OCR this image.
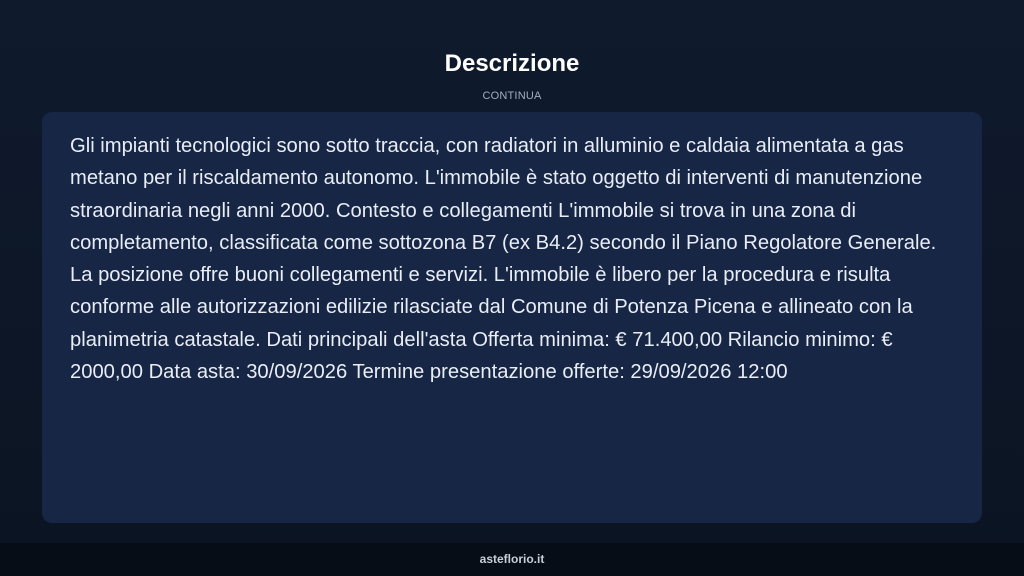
Descrizione
CONTINUA

Gli impianti tecnologici sono sotto traccia, con radiatori in alluminio e caldaia alimentata a gas metano per il riscaldamento autonomo. L'immobile è stato oggetto di interventi di manutenzione straordinaria negli anni 2000. Contesto e collegamenti L'immobile si trova in una zona di completamento, classificata come sottozona B7 (ex B4.2) secondo il Piano Regolatore Generale. La posizione offre buoni collegamenti e servizi. L'immobile è libero per la procedura e risulta conforme alle autorizzazioni edilizie rilasciate dal Comune di Potenza Picena e allineato con la planimetria catastale. Dati principali dell'asta Offerta minima: € 71.400,00 Rilancio minimo: € 2000,00 Data asta: 30/09/2026 Termine presentazione offerte: 29/09/2026 12:00

asteflorio.it
